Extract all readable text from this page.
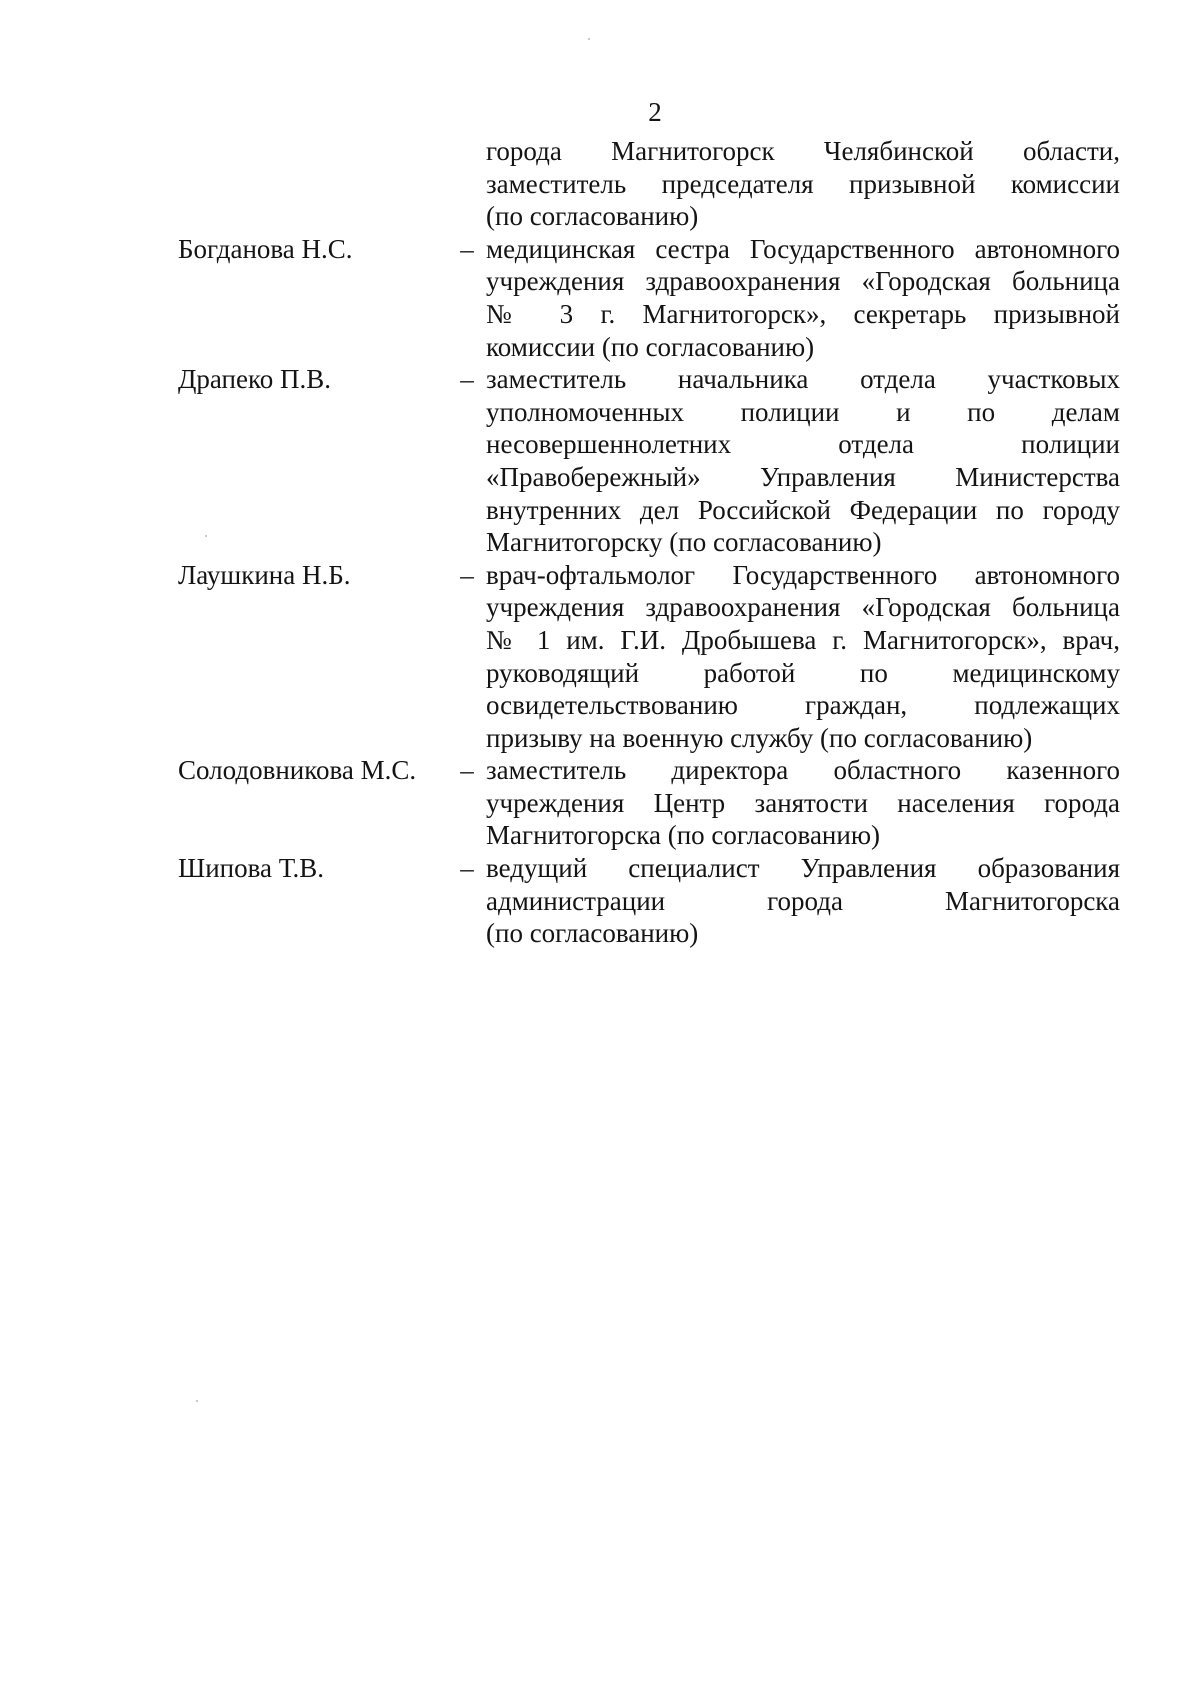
2
города Магнитогорск Челябинской области,
заместитель председателя призывной комиссии
(по согласованию)
Богданова Н.С.	– медицинская сестра Государственного автономного
учреждения здравоохранения «Городская больница
№ 3 г. Магнитогорск», секретарь призывной
комиссии (по согласованию)
Драпеко П.В.	– заместитель начальника отдела участковых
уполномоченных полиции и по делам
несовершеннолетних отдела полиции
«Правобережный» Управления Министерства
внутренних дел Российской Федерации по городу
Магнитогорску (по согласованию)
Лаушкина Н.Б.	– врач-офтальмолог Государственного автономного
учреждения здравоохранения «Городская больница
№ 1 им. Г.И. Дробышева г. Магнитогорск», врач,
руководящий работой по медицинскому
освидетельствованию граждан, подлежащих
призыву на военную службу (по согласованию)
Солодовникова М.С.	– заместитель директора областного казенного
учреждения Центр занятости населения города
Магнитогорска (по согласованию)
Шипова Т.В.	– ведущий специалист Управления образования
администрации города Магнитогорска
(по согласованию)
